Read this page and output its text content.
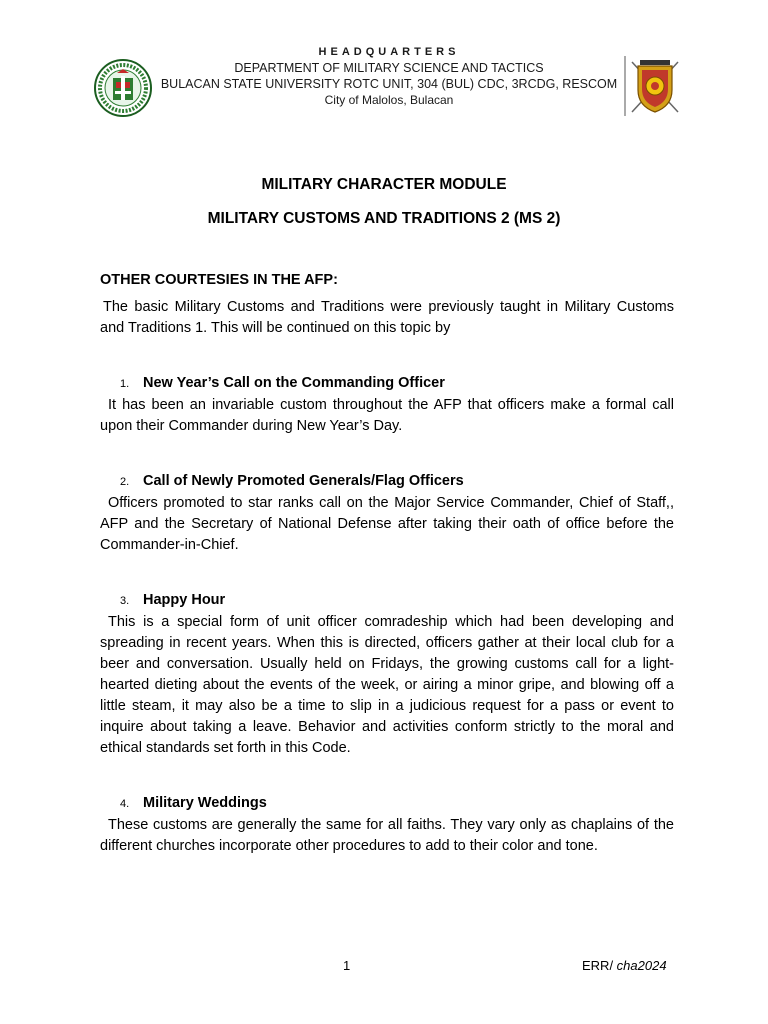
HEADQUARTERS
DEPARTMENT OF MILITARY SCIENCE AND TACTICS
BULACAN STATE UNIVERSITY ROTC UNIT, 304 (BUL) CDC, 3RCDG, RESCOM
City of Malolos, Bulacan
MILITARY CHARACTER MODULE
MILITARY CUSTOMS AND TRADITIONS 2 (MS 2)
OTHER COURTESIES IN THE AFP:

The basic Military Customs and Traditions were previously taught in Military Customs and Traditions 1. This will be continued on this topic by

1. New Year’s Call on the Commanding Officer

It has been an invariable custom throughout the AFP that officers make a formal call upon their Commander during New Year’s Day.

2. Call of Newly Promoted Generals/Flag Officers

Officers promoted to star ranks call on the Major Service Commander, Chief of Staff,, AFP and the Secretary of National Defense after taking their oath of office before the Commander-in-Chief.

3. Happy Hour

This is a special form of unit officer comradeship which had been developing and spreading in recent years. When this is directed, officers gather at their local club for a beer and conversation. Usually held on Fridays, the growing customs call for a light-hearted dieting about the events of the week, or airing a minor gripe, and blowing off a little steam, it may also be a time to slip in a judicious request for a pass or event to inquire about taking a leave. Behavior and activities conform strictly to the moral and ethical standards set forth in this Code.

4. Military Weddings

These customs are generally the same for all faiths. They vary only as chaplains of the different churches incorporate other procedures to add to their color and tone.

1	ERR/ cha2024
